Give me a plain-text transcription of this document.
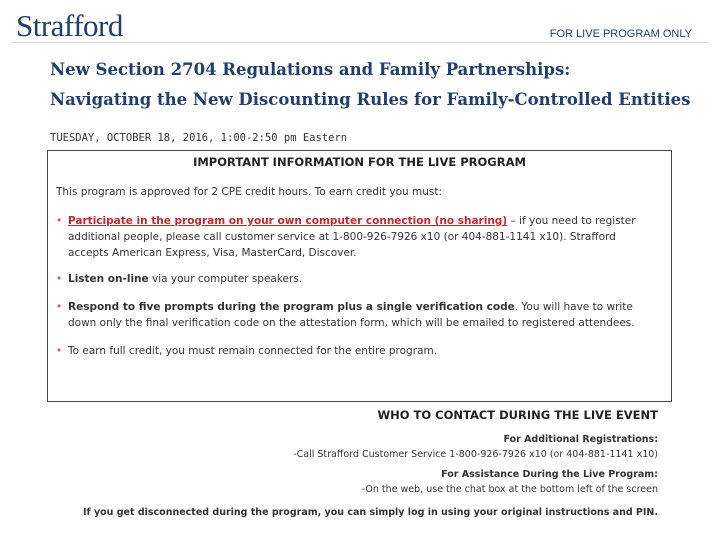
Strafford	FOR LIVE PROGRAM ONLY
New Section 2704 Regulations and Family Partnerships:
Navigating the New Discounting Rules for Family-Controlled Entities
TUESDAY, OCTOBER 18, 2016, 1:00-2:50 pm Eastern
IMPORTANT INFORMATION FOR THE LIVE PROGRAM
This program is approved for 2 CPE credit hours. To earn credit you must:
• Participate in the program on your own computer connection (no sharing) – if you need to register additional people, please call customer service at 1-800-926-7926 x10 (or 404-881-1141 x10). Strafford accepts American Express, Visa, MasterCard, Discover.
• Listen on-line via your computer speakers.
• Respond to five prompts during the program plus a single verification code. You will have to write down only the final verification code on the attestation form, which will be emailed to registered attendees.
• To earn full credit, you must remain connected for the entire program.
WHO TO CONTACT DURING THE LIVE EVENT
For Additional Registrations:
-Call Strafford Customer Service 1-800-926-7926 x10 (or 404-881-1141 x10)
For Assistance During the Live Program:
-On the web, use the chat box at the bottom left of the screen
If you get disconnected during the program, you can simply log in using your original instructions and PIN.
